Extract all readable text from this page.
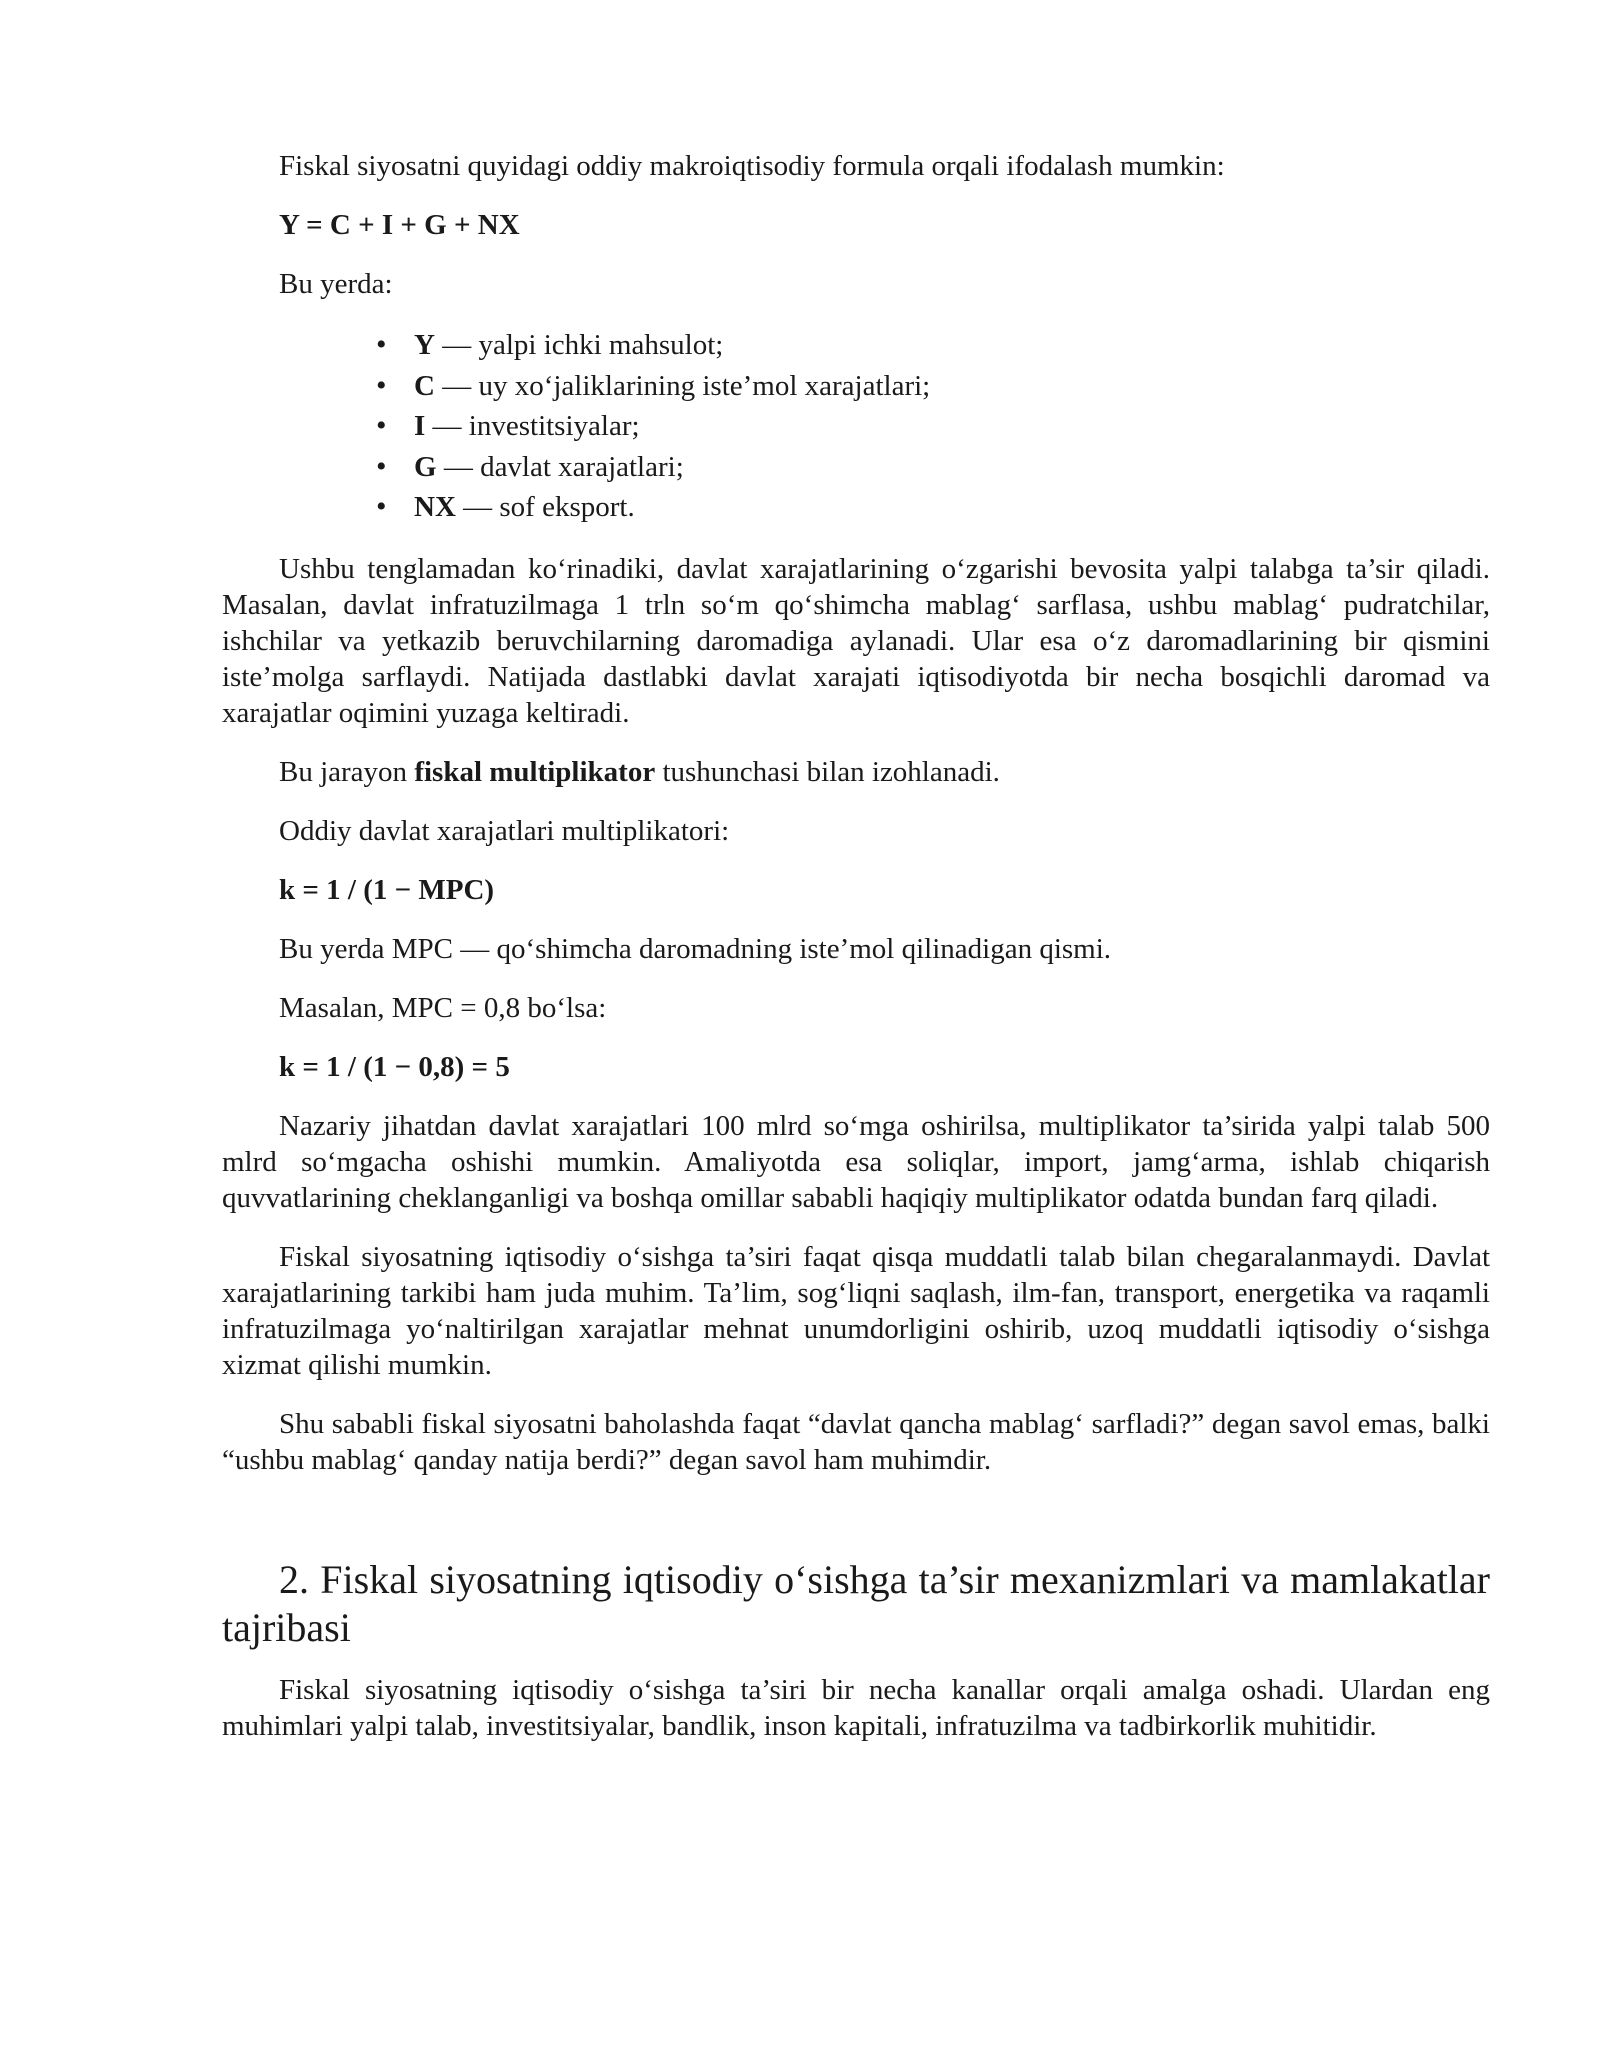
Fiskal siyosatni quyidagi oddiy makroiqtisodiy formula orqali ifodalash mumkin:

Y = C + I + G + NX

Bu yerda:

• Y — yalpi ichki mahsulot;
• C — uy xo‘jaliklarining iste’mol xarajatlari;
• I — investitsiyalar;
• G — davlat xarajatlari;
• NX — sof eksport.

Ushbu tenglamadan ko‘rinadiki, davlat xarajatlarining o‘zgarishi bevosita yalpi talabga ta’sir qiladi. Masalan, davlat infratuzilmaga 1 trln so‘m qo‘shimcha mablag‘ sarflasa, ushbu mablag‘ pudratchilar, ishchilar va yetkazib beruvchilarning daromadiga aylanadi. Ular esa o‘z daromadlarining bir qismini iste’molga sarflaydi. Natijada dastlabki davlat xarajati iqtisodiyotda bir necha bosqichli daromad va xarajatlar oqimini yuzaga keltiradi.

Bu jarayon fiskal multiplikator tushunchasi bilan izohlanadi.

Oddiy davlat xarajatlari multiplikatori:

k = 1 / (1 − MPC)

Bu yerda MPC — qo‘shimcha daromadning iste’mol qilinadigan qismi.

Masalan, MPC = 0,8 bo‘lsa:

k = 1 / (1 − 0,8) = 5

Nazariy jihatdan davlat xarajatlari 100 mlrd so‘mga oshirilsa, multiplikator ta’sirida yalpi talab 500 mlrd so‘mgacha oshishi mumkin. Amaliyotda esa soliqlar, import, jamg‘arma, ishlab chiqarish quvvatlarining cheklanganligi va boshqa omillar sababli haqiqiy multiplikator odatda bundan farq qiladi.

Fiskal siyosatning iqtisodiy o‘sishga ta’siri faqat qisqa muddatli talab bilan chegaralanmaydi. Davlat xarajatlarining tarkibi ham juda muhim. Ta’lim, sog‘liqni saqlash, ilm-fan, transport, energetika va raqamli infratuzilmaga yo‘naltirilgan xarajatlar mehnat unumdorligini oshirib, uzoq muddatli iqtisodiy o‘sishga xizmat qilishi mumkin.

Shu sababli fiskal siyosatni baholashda faqat “davlat qancha mablag‘ sarfladi?” degan savol emas, balki “ushbu mablag‘ qanday natija berdi?” degan savol ham muhimdir.

2. Fiskal siyosatning iqtisodiy o‘sishga ta’sir mexanizmlari va mamlakatlar tajribasi

Fiskal siyosatning iqtisodiy o‘sishga ta’siri bir necha kanallar orqali amalga oshadi. Ulardan eng muhimlari yalpi talab, investitsiyalar, bandlik, inson kapitali, infratuzilma va tadbirkorlik muhitidir.
